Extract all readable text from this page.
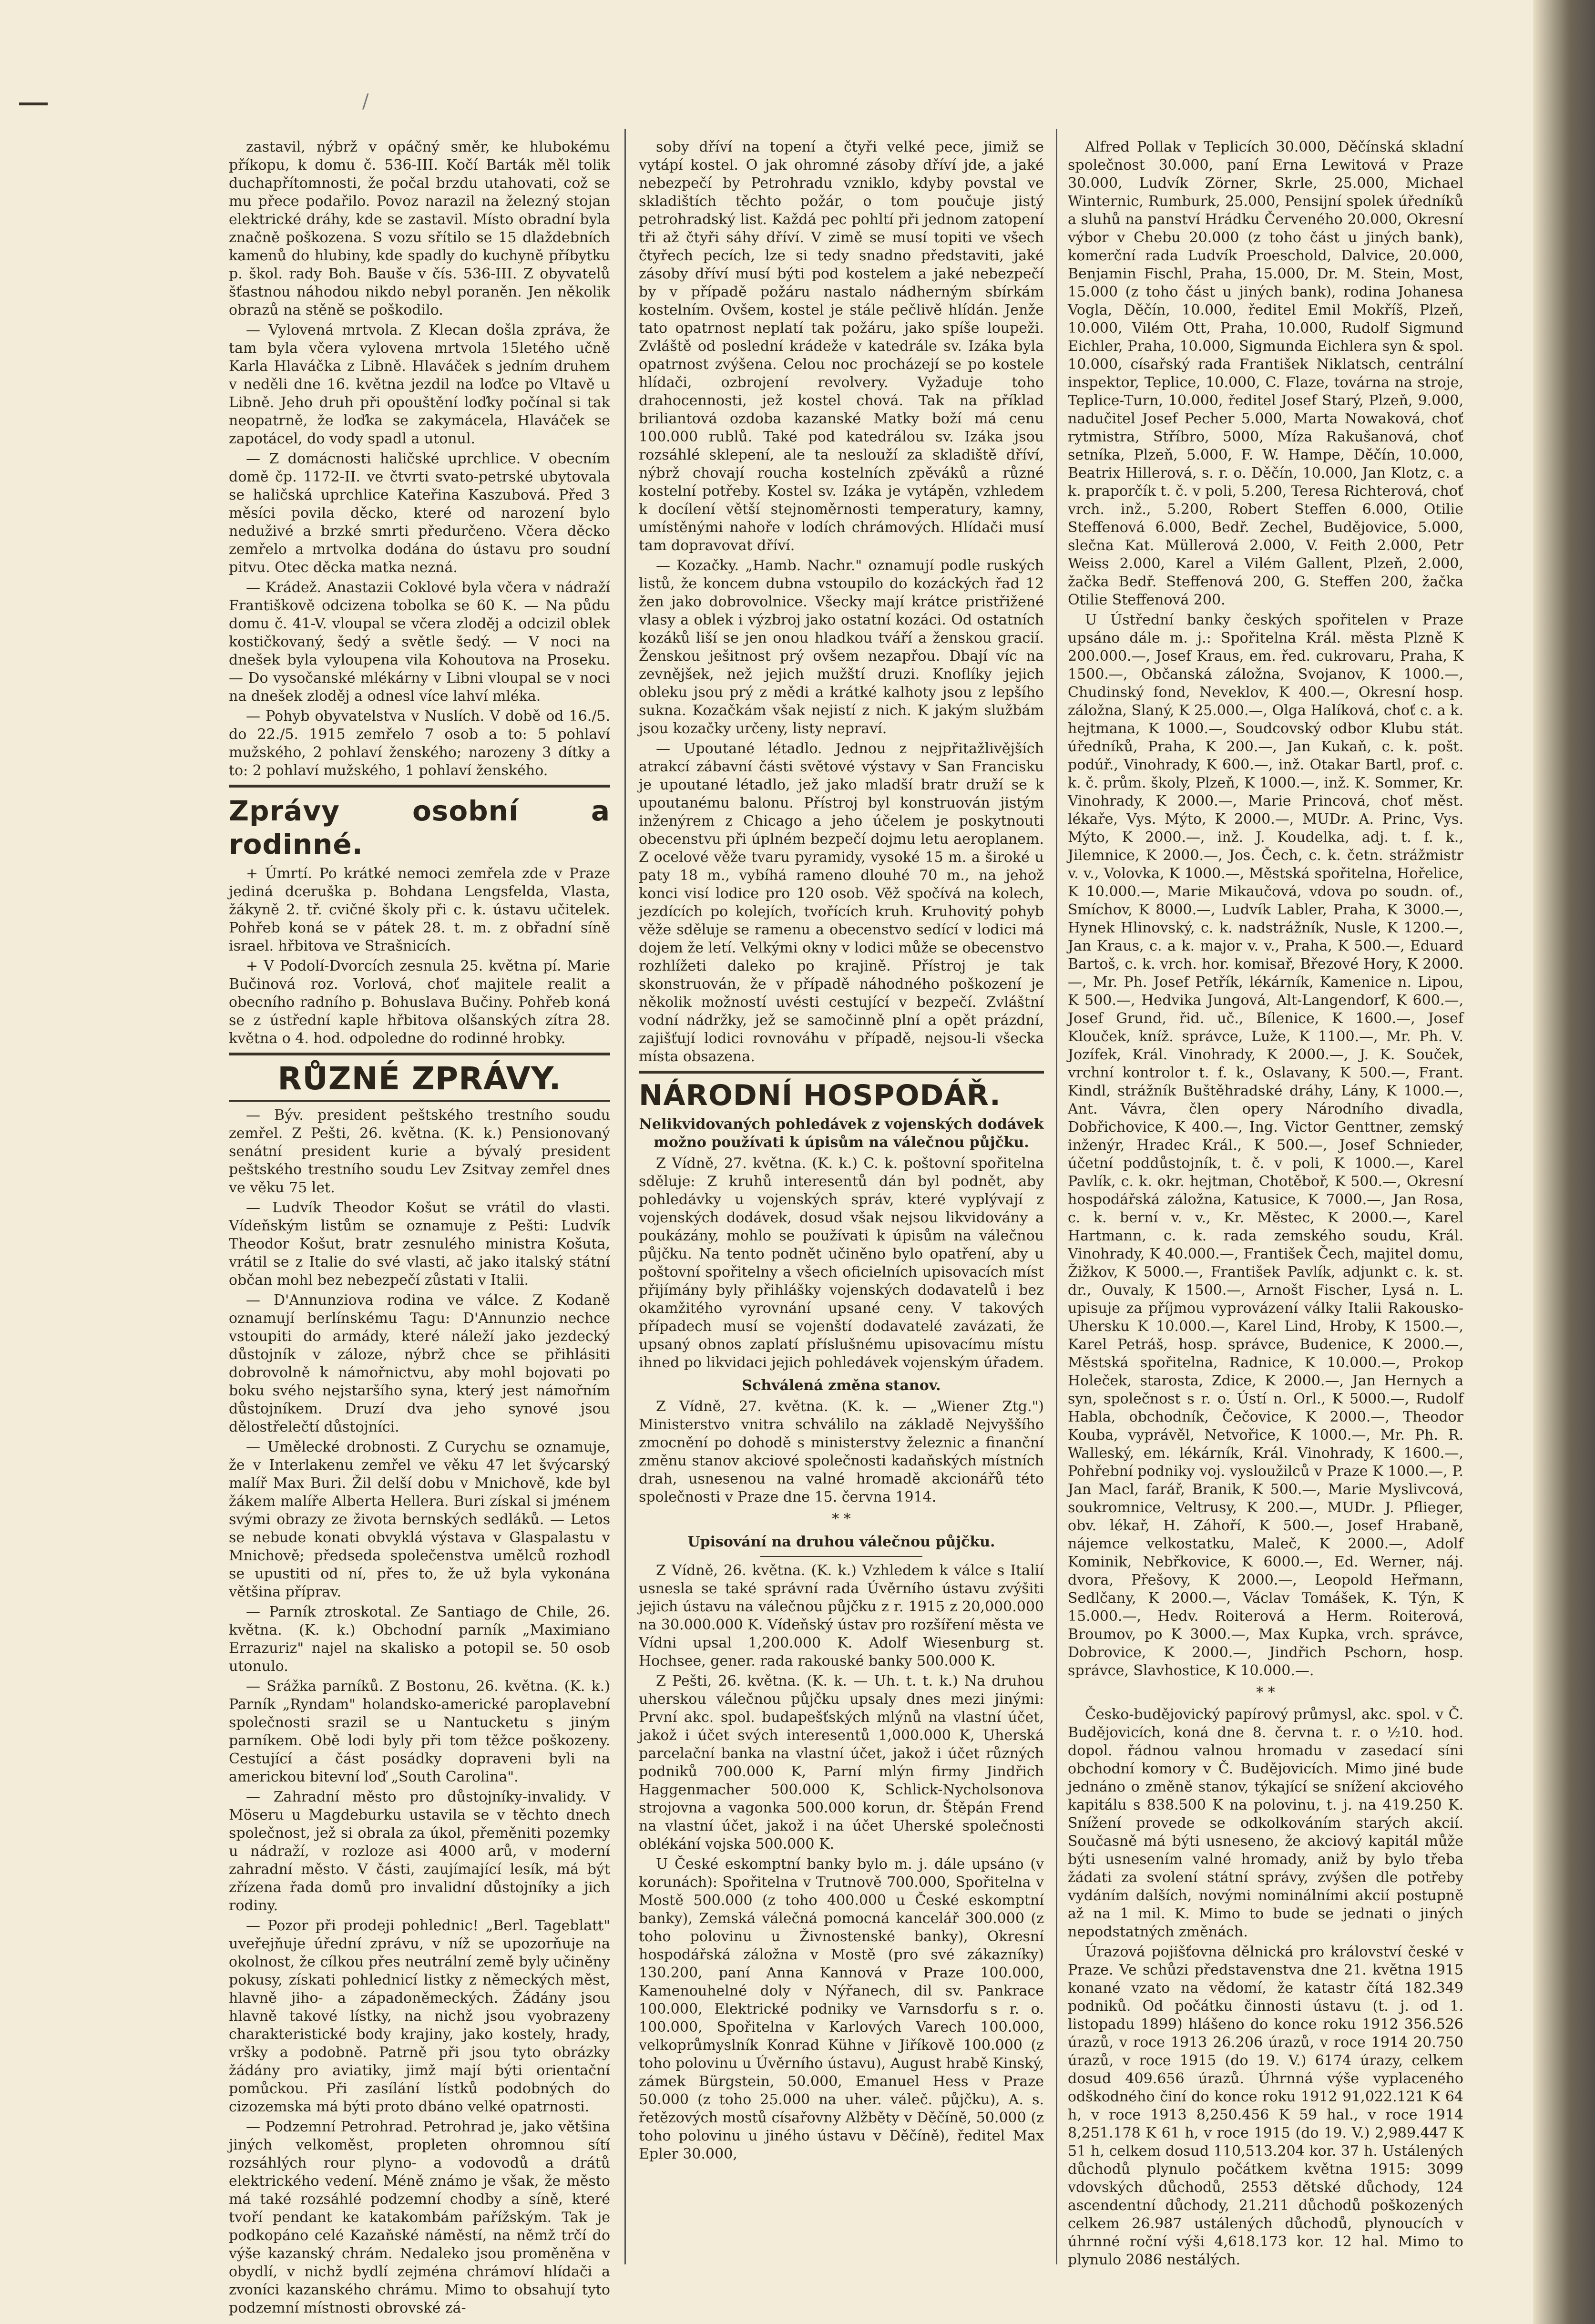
/

zastavil, nýbrž v opáčný směr, ke hlubokému příkopu, k domu č. 536-III. Kočí Barták měl tolik duchapřítomnosti, že počal brzdu utahovati, což se mu přece podařilo. Povoz narazil na železný stojan elektrické dráhy, kde se zastavil. Místo obradní byla značně poškozena. S vozu sřítilo se 15 dlaždebních kamenů do hlubiny, kde spadly do kuchyně příbytku p. škol. rady Boh. Bauše v čís. 536-III. Z obyvatelů šťastnou náhodou nikdo nebyl poraněn. Jen několik obrazů na stěně se poškodilo.

— Vylovená mrtvola. Z Klecan došla zpráva, že tam byla včera vylovena mrtvola 15letého učně Karla Hlaváčka z Libně. Hlaváček s jedním druhem v neděli dne 16. května jezdil na loďce po Vltavě u Libně. Jeho druh při opouštění loďky počínal si tak neopatrně, že loďka se zakymácela, Hlaváček se zapotácel, do vody spadl a utonul.

— Z domácnosti haličské uprchlice. V obecním domě čp. 1172-II. ve čtvrti svato-petrské ubytovala se haličská uprchlice Kateřina Kaszubová. Před 3 měsíci povila děcko, které od narození bylo neduživé a brzké smrti předurčeno. Včera děcko zemřelo a mrtvolka dodána do ústavu pro soudní pitvu. Otec děcka matka nezná.

— Krádež. Anastazii Coklové byla včera v nádraží Františkově odcizena tobolka se 60 K. — Na půdu domu č. 41-V. vloupal se včera zloděj a odcizil oblek kostičkovaný, šedý a světle šedý. — V noci na dnešek byla vyloupena vila Kohoutova na Proseku. — Do vysočanské mlékárny v Libni vloupal se v noci na dnešek zloděj a odnesl více lahví mléka.

— Pohyb obyvatelstva v Nuslích. V době od 16./5. do 22./5. 1915 zemřelo 7 osob a to: 5 pohlaví mužského, 2 pohlaví ženského; narozeny 3 dítky a to: 2 pohlaví mužského, 1 pohlaví ženského.

Zprávy osobní a rodinné.

+ Úmrtí. Po krátké nemoci zemřela zde v Praze jediná dceruška p. Bohdana Lengsfelda, Vlasta, žákyně 2. tř. cvičné školy při c. k. ústavu učitelek. Pohřeb koná se v pátek 28. t. m. z obřadní síně israel. hřbitova ve Strašnicích.

+ V Podolí-Dvorcích zesnula 25. května pí. Marie Bučinová roz. Vorlová, choť majitele realit a obecního radního p. Bohuslava Bučiny. Pohřeb koná se z ústřední kaple hřbitova olšanských zítra 28. května o 4. hod. odpoledne do rodinné hrobky.

RŮZNÉ ZPRÁVY.

— Býv. president peštského trestního soudu zemřel. Z Pešti, 26. května. (K. k.) Pensionovaný senátní president kurie a bývalý president peštského trestního soudu Lev Zsitvay zemřel dnes ve věku 75 let.

— Ludvík Theodor Košut se vrátil do vlasti. Vídeňským listům se oznamuje z Pešti: Ludvík Theodor Košut, bratr zesnulého ministra Košuta, vrátil se z Italie do své vlasti, ač jako italský státní občan mohl bez nebezpečí zůstati v Italii.

— D'Annunziova rodina ve válce. Z Kodaně oznamují berlínskému Tagu: D'Annunzio nechce vstoupiti do armády, které náleží jako jezdecký důstojník v záloze, nýbrž chce se přihlásiti dobrovolně k námořnictvu, aby mohl bojovati po boku svého nejstaršího syna, který jest námořním důstojníkem. Druzí dva jeho synové jsou dělostřelečtí důstojníci.

— Umělecké drobnosti. Z Curychu se oznamuje, že v Interlakenu zemřel ve věku 47 let švýcarský malíř Max Buri. Žil delší dobu v Mnichově, kde byl žákem malíře Alberta Hellera. Buri získal si jménem svými obrazy ze života bernských sedláků. — Letos se nebude konati obvyklá výstava v Glaspalastu v Mnichově; předseda společenstva umělců rozhodl se upustiti od ní, přes to, že už byla vykonána většina příprav.

— Parník ztroskotal. Ze Santiago de Chile, 26. května. (K. k.) Obchodní parník „Maximiano Errazuriz" najel na skalisko a potopil se. 50 osob utonulo.

— Srážka parníků. Z Bostonu, 26. května. (K. k.) Parník „Ryndam" holandsko-americké paroplavební společnosti srazil se u Nantucketu s jiným parníkem. Obě lodi byly při tom těžce poškozeny. Cestující a část posádky dopraveni byli na americkou bitevní loď „South Carolina".

— Zahradní město pro důstojníky-invalidy. V Möseru u Magdeburku ustavila se v těchto dnech společnost, jež si obrala za úkol, přeměniti pozemky u nádraží, v rozloze asi 4000 arů, v moderní zahradní město. V části, zaujímající lesík, má být zřízena řada domů pro invalidní důstojníky a jich rodiny.

— Pozor při prodeji pohlednic! „Berl. Tageblatt" uveřejňuje úřední zprávu, v níž se upozorňuje na okolnost, že cílkou přes neutrální země byly učiněny pokusy, získati pohlednicí listky z německých měst, hlavně jiho- a západoněmeckých. Žádány jsou hlavně takové lístky, na nichž jsou vyobrazeny charakteristické body krajiny, jako kostely, hrady, vršky a podobně. Patrně při jsou tyto obrázky žádány pro aviatiky, jimž mají býti orientační pomůckou. Při zasílání lístků podobných do cizozemska má býti proto dbáno velké opatrnosti.

— Podzemní Petrohrad. Petrohrad je, jako většina jiných velkoměst, propleten ohromnou sítí rozsáhlých rour plyno- a vodovodů a drátů elektrického vedení. Méně známo je však, že město má také rozsáhlé podzemní chodby a síně, které tvoří pendant ke katakombám pařížským. Tak je podkopáno celé Kazaňské náměstí, na němž trčí do výše kazanský chrám. Nedaleko jsou proměněna v obydlí, v nichž bydlí zejména chrámoví hlídači a zvoníci kazanského chrámu. Mimo to obsahují tyto podzemní místnosti obrovské zá-

soby dříví na topení a čtyři velké pece, jimiž se vytápí kostel. O jak ohromné zásoby dříví jde, a jaké nebezpečí by Petrohradu vzniklo, kdyby povstal ve skladištích těchto požár, o tom poučuje jistý petrohradský list. Každá pec pohltí při jednom zatopení tři až čtyři sáhy dříví. V zimě se musí topiti ve všech čtyřech pecích, lze si tedy snadno představiti, jaké zásoby dříví musí býti pod kostelem a jaké nebezpečí by v případě požáru nastalo nádherným sbírkám kostelním. Ovšem, kostel je stále pečlivě hlídán. Jenže tato opatrnost neplatí tak požáru, jako spíše loupeži. Zvláště od poslední krádeže v katedrále sv. Izáka byla opatrnost zvýšena. Celou noc procházejí se po kostele hlídači, ozbrojení revolvery. Vyžaduje toho drahocennosti, jež kostel chová. Tak na příklad briliantová ozdoba kazanské Matky boží má cenu 100.000 rublů. Také pod katedrálou sv. Izáka jsou rozsáhlé sklepení, ale ta neslouží za skladiště dříví, nýbrž chovají roucha kostelních zpěváků a různé kostelní potřeby. Kostel sv. Izáka je vytápěn, vzhledem k docílení větší stejnoměrnosti temperatury, kamny, umístěnými nahoře v lodích chrámových. Hlídači musí tam dopravovat dříví.

— Kozačky. „Hamb. Nachr." oznamují podle ruských listů, že koncem dubna vstoupilo do kozáckých řad 12 žen jako dobrovolnice. Všecky mají krátce pristřižené vlasy a oblek i výzbroj jako ostatní kozáci. Od ostatních kozáků liší se jen onou hladkou tváří a ženskou gracií. Ženskou ješitnost prý ovšem nezapřou. Dbají víc na zevnějšek, než jejich mužští druzi. Knoflíky jejich obleku jsou prý z mědi a krátké kalhoty jsou z lepšího sukna. Kozačkám však nejistí z nich. K jakým službám jsou kozačky určeny, listy nepraví.

— Upoutané létadlo. Jednou z nejpřitažlivějších atrakcí zábavní části světové výstavy v San Francisku je upoutané létadlo, jež jako mladší bratr druží se k upoutanému balonu. Přístroj byl konstruován jistým inženýrem z Chicago a jeho účelem je poskytnouti obecenstvu při úplném bezpečí dojmu letu aeroplanem. Z ocelové věže tvaru pyramidy, vysoké 15 m. a široké u paty 18 m., vybíhá rameno dlouhé 70 m., na jehož konci visí lodice pro 120 osob. Věž spočívá na kolech, jezdících po kolejích, tvořících kruh. Kruhovitý pohyb věže sděluje se ramenu a obecenstvo sedící v lodici má dojem že letí. Velkými okny v lodici může se obecenstvo rozhlížeti daleko po krajině. Přístroj je tak skonstruován, že v případě náhodného poškození je několik možností uvésti cestující v bezpečí. Zvláštní vodní nádržky, jež se samočinně plní a opět prázdní, zajišťují lodici rovnováhu v případě, nejsou-li všecka místa obsazena.

NÁRODNÍ HOSPODÁŘ.
Nelikvidovaných pohledávek z vojenských dodávek možno používati k úpisům na válečnou půjčku.

Z Vídně, 27. května. (K. k.) C. k. poštovní spořitelna sděluje: Z kruhů interesentů dán byl podnět, aby pohledávky u vojenských správ, které vyplývají z vojenských dodávek, dosud však nejsou likvidovány a poukázány, mohlo se používati k úpisům na válečnou půjčku. Na tento podnět učiněno bylo opatření, aby u poštovní spořitelny a všech oficielních upisovacích míst přijímány byly přihlášky vojenských dodavatelů i bez okamžitého vyrovnání upsané ceny. V takových případech musí se vojenští dodavatelé zavázati, že upsaný obnos zaplatí příslušnému upisovacímu místu ihned po likvidaci jejich pohledávek vojenským úřadem.

Schválená změna stanov.

Z Vídně, 27. května. (K. k. — „Wiener Ztg.") Ministerstvo vnitra schválilo na základě Nejvyššího zmocnění po dohodě s ministerstvy železnic a finanční změnu stanov akciové společnosti kadaňských místních drah, usnesenou na valné hromadě akcionářů této společnosti v Praze dne 15. června 1914.

* *
Upisování na druhou válečnou půjčku.

Z Vídně, 26. května. (K. k.) Vzhledem k válce s Italií usnesla se také správní rada Úvěrního ústavu zvýšiti jejich ústavu na válečnou půjčku z r. 1915 z 20,000.000 na 30.000.000 K. Vídeňský ústav pro rozšíření města ve Vídni upsal 1,200.000 K. Adolf Wiesenburg st. Hochsee, gener. rada rakouské banky 500.000 K.

Z Pešti, 26. května. (K. k. — Uh. t. t. k.) Na druhou uherskou válečnou půjčku upsaly dnes mezi jinými: První akc. spol. budapešťských mlýnů na vlastní účet, jakož i účet svých interesentů 1,000.000 K, Uherská parcelační banka na vlastní účet, jakož i účet různých podniků 700.000 K, Parní mlýn firmy Jindřich Haggenmacher 500.000 K, Schlick-Nycholsonova strojovna a vagonka 500.000 korun, dr. Štěpán Frend na vlastní účet, jakož i na účet Uherské společnosti oblékání vojska 500.000 K.

U České eskomptní banky bylo m. j. dále upsáno (v korunách): Spořitelna v Trutnově 700.000, Spořitelna v Mostě 500.000 (z toho 400.000 u České eskomptní banky), Zemská válečná pomocná kancelář 300.000 (z toho polovinu u Živnostenské banky), Okresní hospodářská záložna v Mostě (pro své zákazníky) 130.200, paní Anna Kannová v Praze 100.000, Kamenouhelné doly v Nýřanech, dil sv. Pankrace 100.000, Elektrické podniky ve Varnsdorfu s r. o. 100.000, Spořitelna v Karlových Varech 100.000, velkoprůmyslník Konrad Kühne v Jiříkově 100.000 (z toho polovinu u Úvěrního ústavu), August hrabě Kinský, zámek Bürgstein, 50.000, Emanuel Hess v Praze 50.000 (z toho 25.000 na uher. váleč. půjčku), A. s. řetězových mostů císařovny Alžběty v Děčíně, 50.000 (z toho polovinu u jiného ústavu v Děčíně), ředitel Max Epler 30.000,

Alfred Pollak v Teplicích 30.000, Děčínská skladní společnost 30.000, paní Erna Lewitová v Praze 30.000, Ludvík Zörner, Skrle, 25.000, Michael Winternic, Rumburk, 25.000, Pensijní spolek úředníků a sluhů na panství Hrádku Červeného 20.000, Okresní výbor v Chebu 20.000 (z toho část u jiných bank), komerční rada Ludvík Proeschold, Dalvice, 20.000, Benjamin Fischl, Praha, 15.000, Dr. M. Stein, Most, 15.000 (z toho část u jiných bank), rodina Johanesa Vogla, Děčín, 10.000, ředitel Emil Mokříš, Plzeň, 10.000, Vilém Ott, Praha, 10.000, Rudolf Sigmund Eichler, Praha, 10.000, Sigmunda Eichlera syn & spol. 10.000, císařský rada František Niklatsch, centrální inspektor, Teplice, 10.000, C. Flaze, továrna na stroje, Teplice-Turn, 10.000, ředitel Josef Starý, Plzeň, 9.000, nadučitel Josef Pecher 5.000, Marta Nowaková, choť rytmistra, Stříbro, 5000, Míza Rakušanová, choť setníka, Plzeň, 5.000, F. W. Hampe, Děčín, 10.000, Beatrix Hillerová, s. r. o. Děčín, 10.000, Jan Klotz, c. a k. praporčík t. č. v poli, 5.200, Teresa Richterová, choť vrch. inž., 5.200, Robert Steffen 6.000, Otilie Steffenová 6.000, Bedř. Zechel, Budějovice, 5.000, slečna Kat. Müllerová 2.000, V. Feith 2.000, Petr Weiss 2.000, Karel a Vilém Gallent, Plzeň, 2.000, žačka Bedř. Steffenová 200, G. Steffen 200, žačka Otilie Steffenová 200.

U Ústřední banky českých spořitelen v Praze upsáno dále m. j.: Spořitelna Král. města Plzně K 200.000.—, Josef Kraus, em. řed. cukrovaru, Praha, K 1500.—, Občanská záložna, Svojanov, K 1000.—, Chudinský fond, Neveklov, K 400.—, Okresní hosp. záložna, Slaný, K 25.000.—, Olga Halíková, choť c. a k. hejtmana, K 1000.—, Soudcovský odbor Klubu stát. úředníků, Praha, K 200.—, Jan Kukaň, c. k. pošt. podúř., Vinohrady, K 600.—, inž. Otakar Bartl, prof. c. k. č. prům. školy, Plzeň, K 1000.—, inž. K. Sommer, Kr. Vinohrady, K 2000.—, Marie Princová, choť měst. lékaře, Vys. Mýto, K 2000.—, MUDr. A. Princ, Vys. Mýto, K 2000.—, inž. J. Koudelka, adj. t. f. k., Jilemnice, K 2000.—, Jos. Čech, c. k. četn. strážmistr v. v., Volovka, K 1000.—, Městská spořitelna, Hořelice, K 10.000.—, Marie Mikaučová, vdova po soudn. of., Smíchov, K 8000.—, Ludvík Labler, Praha, K 3000.—, Hynek Hlinovský, c. k. nadstrážník, Nusle, K 1200.—, Jan Kraus, c. a k. major v. v., Praha, K 500.—, Eduard Bartoš, c. k. vrch. hor. komisař, Březové Hory, K 2000.—, Mr. Ph. Josef Petřík, lékárník, Kamenice n. Lipou, K 500.—, Hedvika Jungová, Alt-Langendorf, K 600.—, Josef Grund, řid. uč., Bílenice, K 1600.—, Josef Klouček, kníž. správce, Luže, K 1100.—, Mr. Ph. V. Jozífek, Král. Vinohrady, K 2000.—, J. K. Souček, vrchní kontrolor t. f. k., Oslavany, K 500.—, Frant. Kindl, strážník Buštěhradské dráhy, Lány, K 1000.—, Ant. Vávra, člen opery Národního divadla, Dobřichovice, K 400.—, Ing. Victor Genttner, zemský inženýr, Hradec Král., K 500.—, Josef Schnieder, účetní poddůstojník, t. č. v poli, K 1000.—, Karel Pavlík, c. k. okr. hejtman, Chotěboř, K 500.—, Okresní hospodářská záložna, Katusice, K 7000.—, Jan Rosa, c. k. berní v. v., Kr. Městec, K 2000.—, Karel Hartmann, c. k. rada zemského soudu, Král. Vinohrady, K 40.000.—, František Čech, majitel domu, Žižkov, K 5000.—, František Pavlík, adjunkt c. k. st. dr., Ouvaly, K 1500.—, Arnošt Fischer, Lysá n. L. upisuje za příjmou vyprovázení války Italii Rakousko-Uhersku K 10.000.—, Karel Lind, Hroby, K 1500.—, Karel Petráš, hosp. správce, Budenice, K 2000.—, Městská spořitelna, Radnice, K 10.000.—, Prokop Holeček, starosta, Zdice, K 2000.—, Jan Hernych a syn, společnost s r. o. Ústí n. Orl., K 5000.—, Rudolf Habla, obchodník, Čečovice, K 2000.—, Theodor Kouba, vyprávěl, Netvořice, K 1000.—, Mr. Ph. R. Walleský, em. lékárník, Král. Vinohrady, K 1600.—, Pohřební podniky voj. vysloužilců v Praze K 1000.—, P. Jan Macl, farář, Branik, K 500.—, Marie Myslivcová, soukromnice, Veltrusy, K 200.—, MUDr. J. Pflieger, obv. lékař, H. Záhoří, K 500.—, Josef Hrabaně, nájemce velkostatku, Maleč, K 2000.—, Adolf Kominik, Nebřkovice, K 6000.—, Ed. Werner, náj. dvora, Přešovy, K 2000.—, Leopold Heřmann, Sedlčany, K 2000.—, Václav Tomášek, K. Týn, K 15.000.—, Hedv. Roiterová a Herm. Roiterová, Broumov, po K 3000.—, Max Kupka, vrch. správce, Dobrovice, K 2000.—, Jindřich Pschorn, hosp. správce, Slavhostice, K 10.000.—.

* *

Česko-budějovický papírový průmysl, akc. spol. v Č. Budějovicích, koná dne 8. června t. r. o ½10. hod. dopol. řádnou valnou hromadu v zasedací síni obchodní komory v Č. Budějovicích. Mimo jiné bude jednáno o změně stanov, týkající se snížení akciového kapitálu s 838.500 K na polovinu, t. j. na 419.250 K. Snížení provede se odkolkováním starých akcií. Současně má býti usneseno, že akciový kapitál může býti usnesením valné hromady, aniž by bylo třeba žádati za svolení státní správy, zvýšen dle potřeby vydáním dalších, novými nominálními akcií postupně až na 1 mil. K. Mimo to bude se jednati o jiných nepodstatných změnách.

Úrazová pojišťovna dělnická pro království české v Praze. Ve schůzi představenstva dne 21. května 1915 konané vzato na vědomí, že katastr čítá 182.349 podniků. Od počátku činnosti ústavu (t. j. od 1. listopadu 1899) hlášeno do konce roku 1912 356.526 úrazů, v roce 1913 26.206 úrazů, v roce 1914 20.750 úrazů, v roce 1915 (do 19. V.) 6174 úrazy, celkem dosud 409.656 úrazů. Úhrnná výše vyplaceného odškodného činí do konce roku 1912 91,022.121 K 64 h, v roce 1913 8,250.456 K 59 hal., v roce 1914 8,251.178 K 61 h, v roce 1915 (do 19. V.) 2,989.447 K 51 h, celkem dosud 110,513.204 kor. 37 h. Ustálených důchodů plynulo počátkem května 1915: 3099 vdovských důchodů, 2553 dětské důchody, 124 ascendentní důchody, 21.211 důchodů poškozených celkem 26.987 ustálených důchodů, plynoucích v úhrnné roční výši 4,618.173 kor. 12 hal. Mimo to plynulo 2086 nestálých.
